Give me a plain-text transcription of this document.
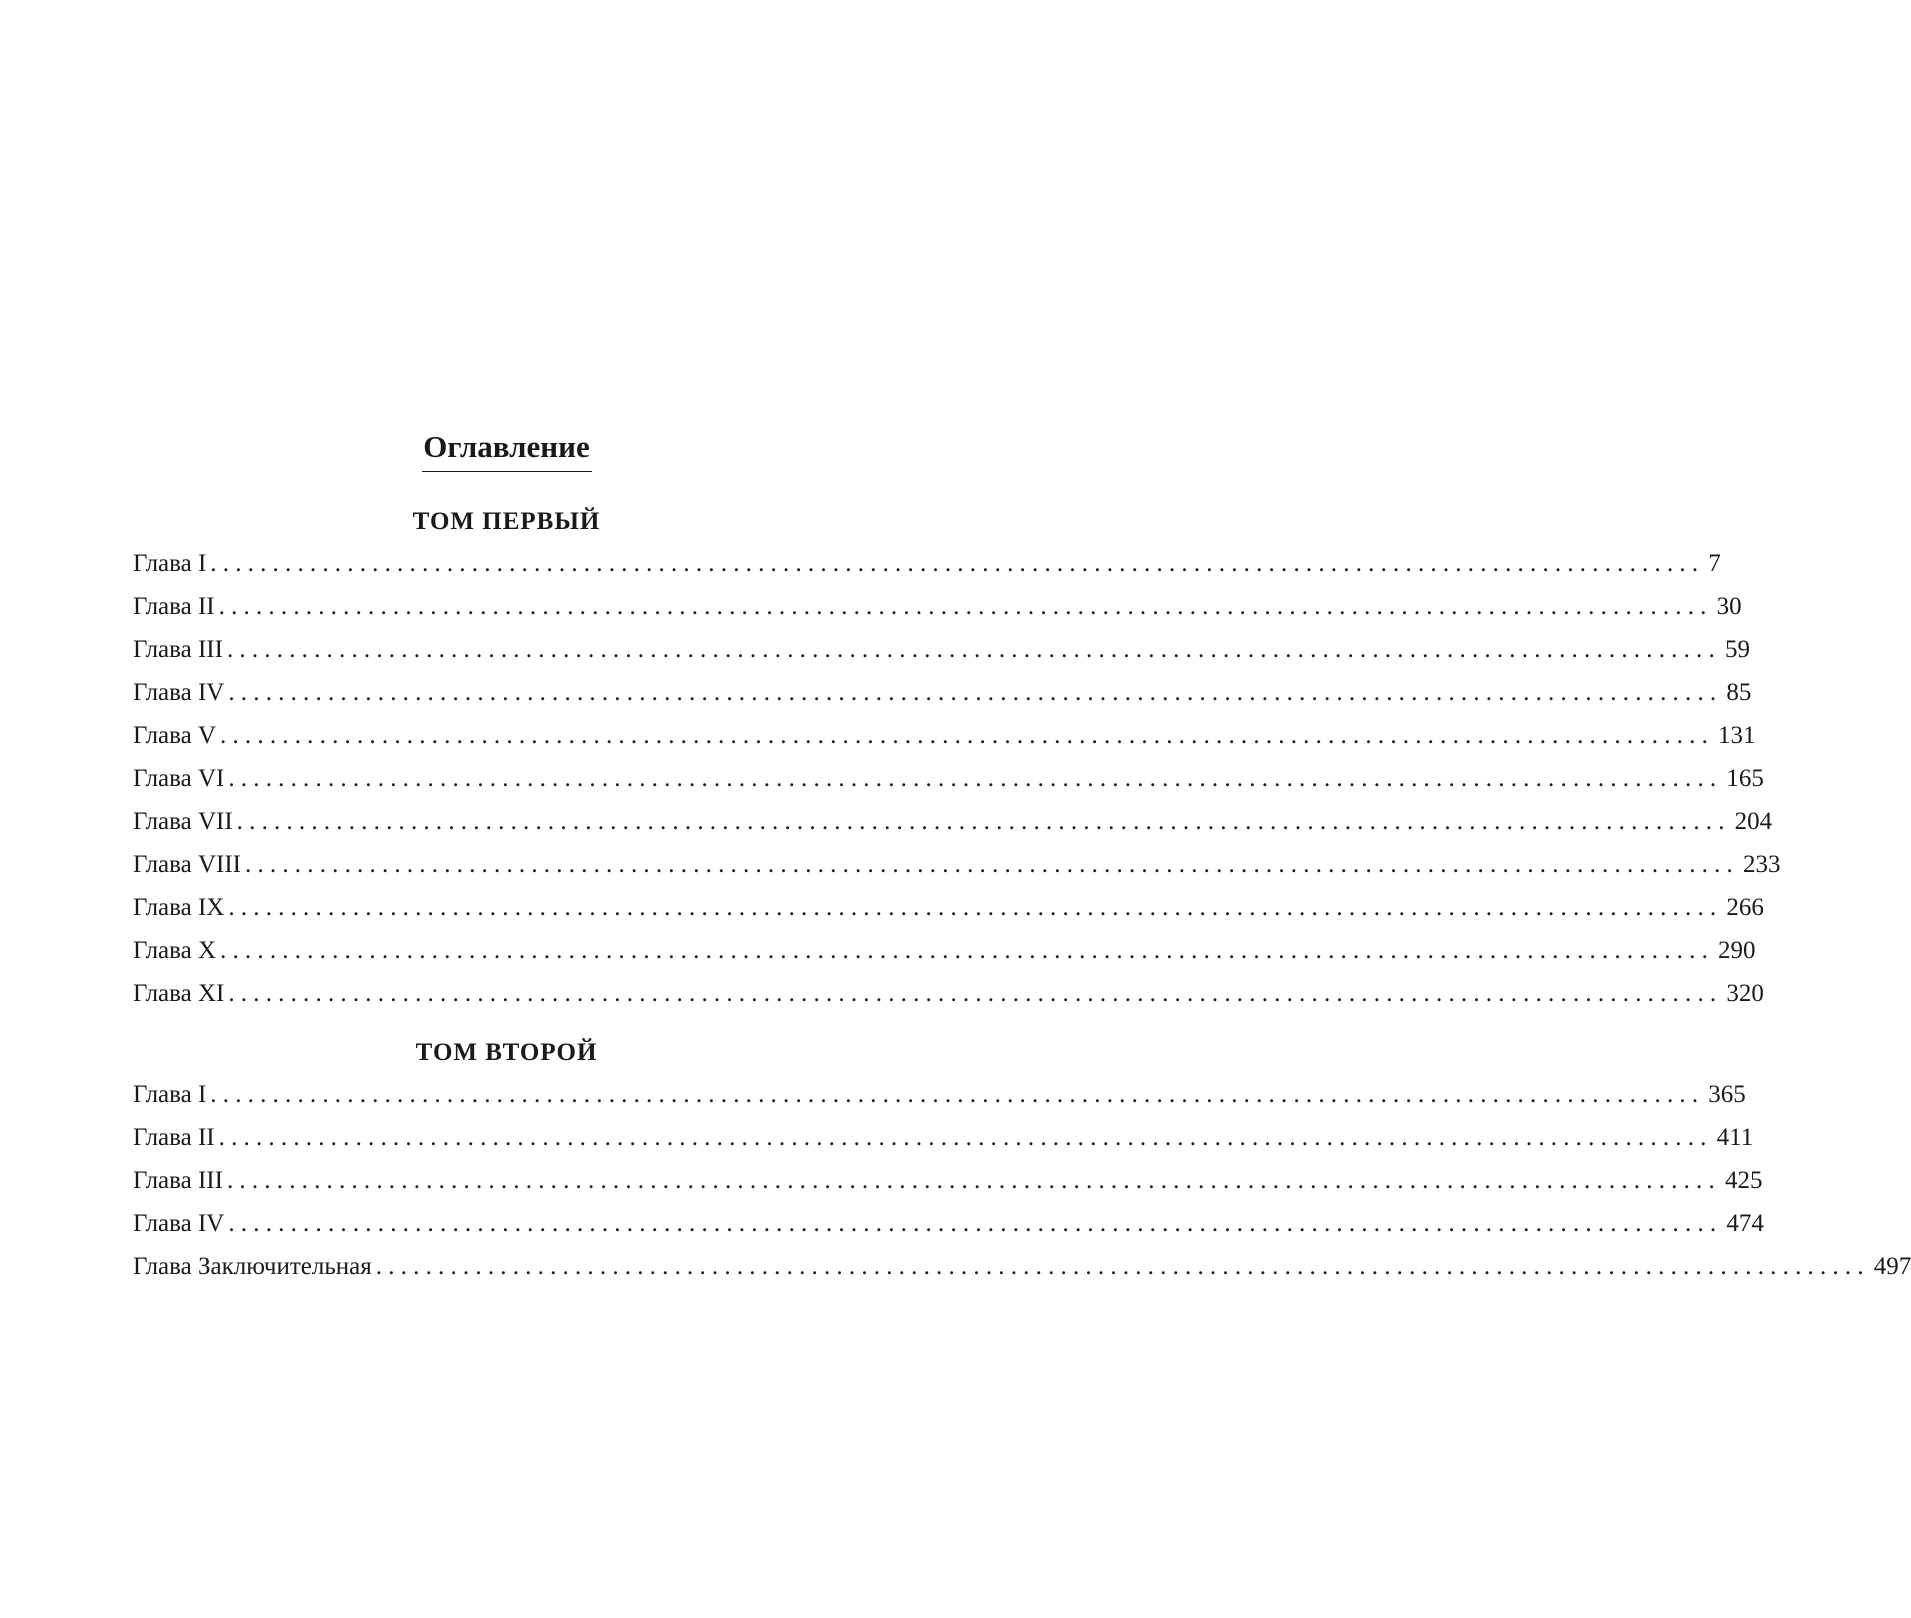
Оглавление
ТОМ ПЕРВЫЙ
Глава I ........................................................................................................................ 7
Глава II ........................................................................................................................ 30
Глава III ........................................................................................................................ 59
Глава IV ........................................................................................................................ 85
Глава V ........................................................................................................................ 131
Глава VI ........................................................................................................................ 165
Глава VII ........................................................................................................................ 204
Глава VIII ........................................................................................................................ 233
Глава IX ........................................................................................................................ 266
Глава X ........................................................................................................................ 290
Глава XI ........................................................................................................................ 320
ТОМ ВТОРОЙ
Глава I ........................................................................................................................ 365
Глава II ........................................................................................................................ 411
Глава III ........................................................................................................................ 425
Глава IV ........................................................................................................................ 474
Глава Заключительная ........................................................................................................................ 497
